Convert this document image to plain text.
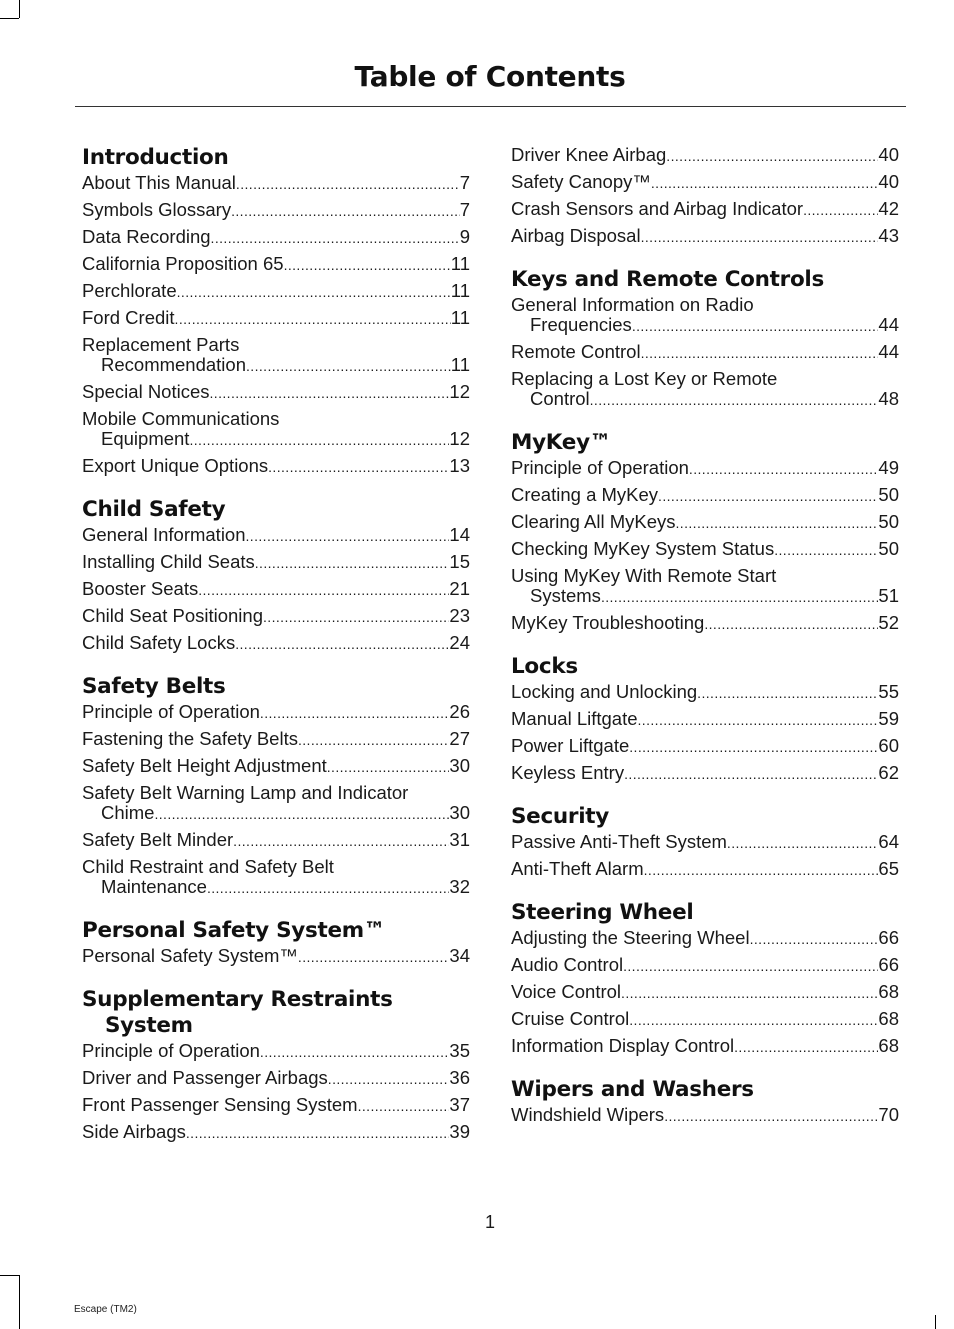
Table of Contents
Introduction
About This Manual .....	7
Symbols Glossary .....	7
Data Recording .....	9
California Proposition 65 .....	11
Perchlorate .....	11
Ford Credit .....	11
Replacement Parts
Recommendation .....	11
Special Notices .....	12
Mobile Communications
Equipment .....	12
Export Unique Options .....	13
Child Safety
General Information .....	14
Installing Child Seats .....	15
Booster Seats .....	21
Child Seat Positioning .....	23
Child Safety Locks .....	24
Safety Belts
Principle of Operation .....	26
Fastening the Safety Belts .....	27
Safety Belt Height Adjustment .....	30
Safety Belt Warning Lamp and Indicator
Chime .....	30
Safety Belt Minder .....	31
Child Restraint and Safety Belt
Maintenance .....	32
Personal Safety System™
Personal Safety System™ .....	34
Supplementary Restraints
System
Principle of Operation .....	35
Driver and Passenger Airbags .....	36
Front Passenger Sensing System .....	37
Side Airbags .....	39
Driver Knee Airbag .....	40
Safety Canopy™ .....	40
Crash Sensors and Airbag Indicator .....	42
Airbag Disposal .....	43
Keys and Remote Controls
General Information on Radio
Frequencies .....	44
Remote Control .....	44
Replacing a Lost Key or Remote
Control .....	48
MyKey™
Principle of Operation .....	49
Creating a MyKey .....	50
Clearing All MyKeys .....	50
Checking MyKey System Status .....	50
Using MyKey With Remote Start
Systems .....	51
MyKey Troubleshooting .....	52
Locks
Locking and Unlocking .....	55
Manual Liftgate .....	59
Power Liftgate .....	60
Keyless Entry .....	62
Security
Passive Anti-Theft System .....	64
Anti-Theft Alarm .....	65
Steering Wheel
Adjusting the Steering Wheel .....	66
Audio Control .....	66
Voice Control .....	68
Cruise Control .....	68
Information Display Control .....	68
Wipers and Washers
Windshield Wipers .....	70
1
Escape (TM2)
